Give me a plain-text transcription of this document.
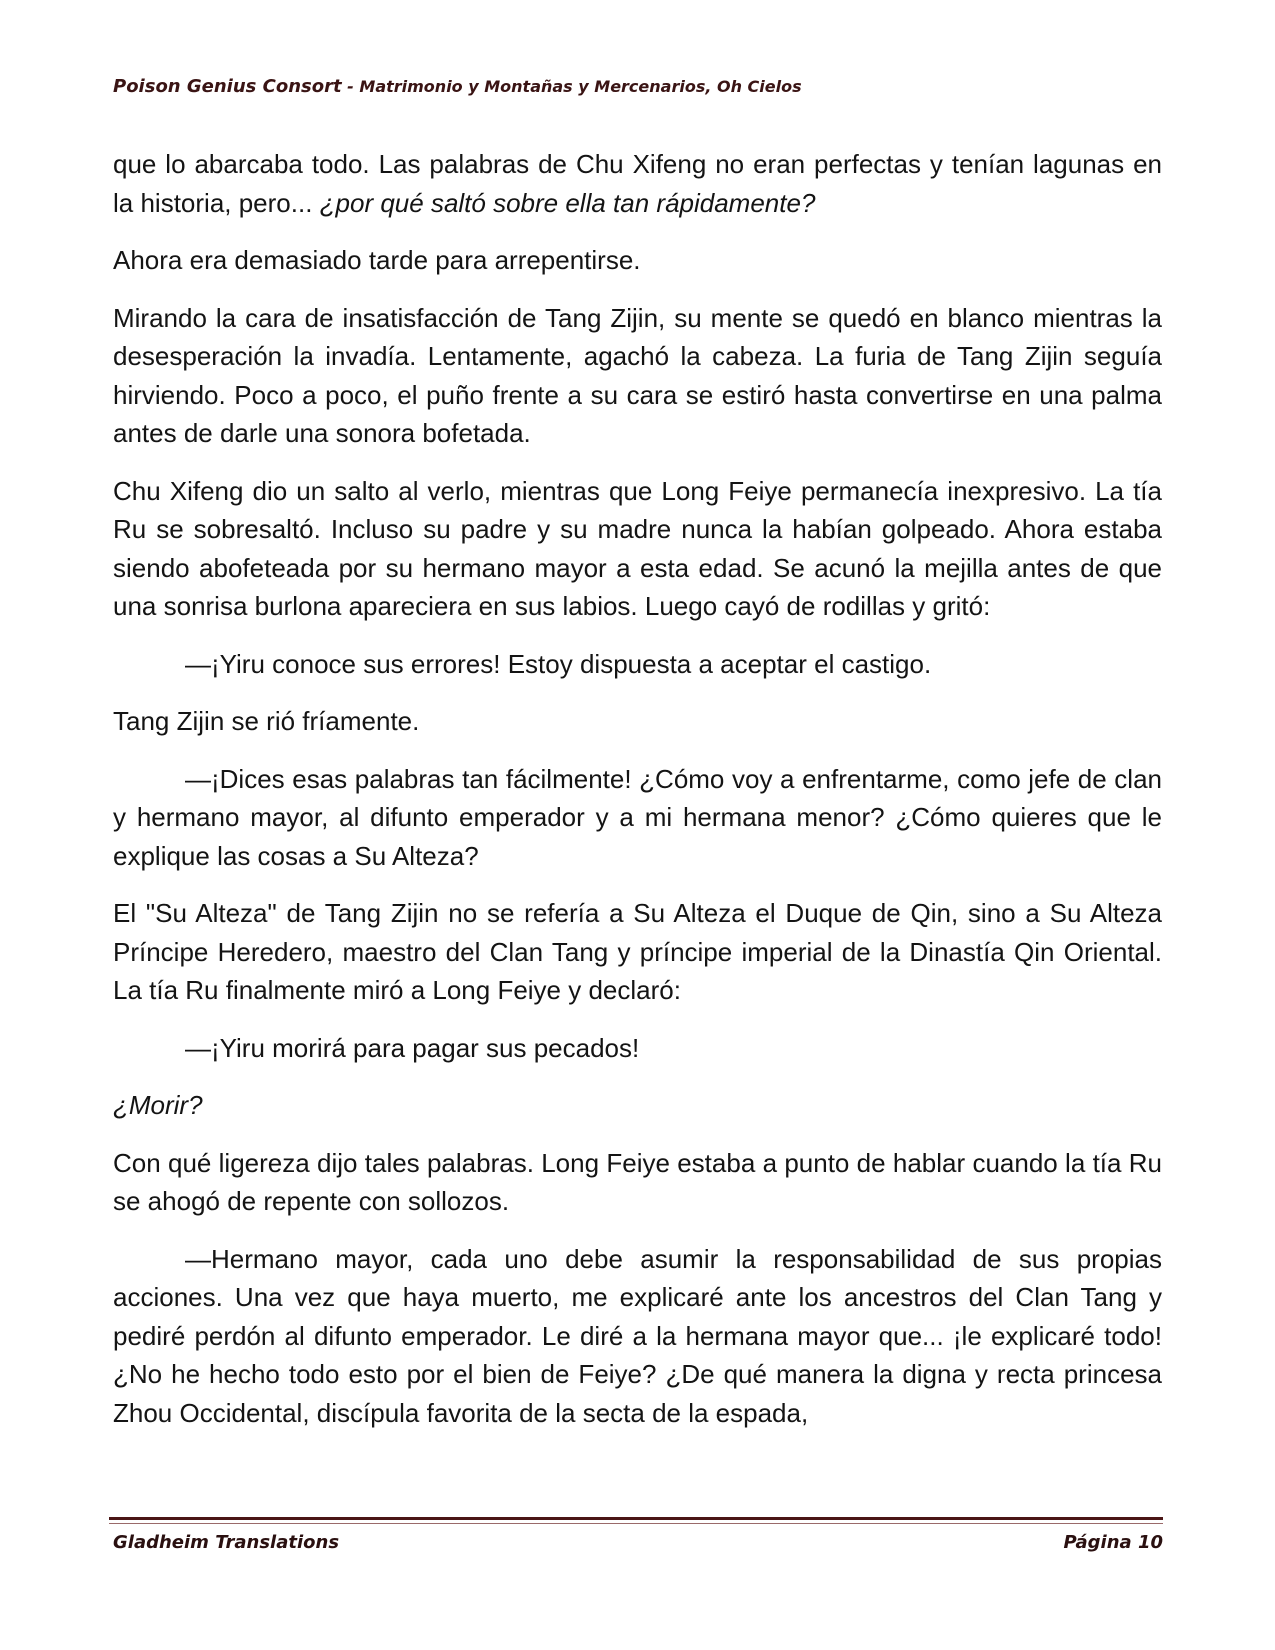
Poison Genius Consort - Matrimonio y Montañas y Mercenarios, Oh Cielos

que lo abarcaba todo. Las palabras de Chu Xifeng no eran perfectas y tenían lagunas en la historia, pero... ¿por qué saltó sobre ella tan rápidamente?

Ahora era demasiado tarde para arrepentirse.

Mirando la cara de insatisfacción de Tang Zijin, su mente se quedó en blanco mientras la desesperación la invadía. Lentamente, agachó la cabeza. La furia de Tang Zijin seguía hirviendo. Poco a poco, el puño frente a su cara se estiró hasta convertirse en una palma antes de darle una sonora bofetada.

Chu Xifeng dio un salto al verlo, mientras que Long Feiye permanecía inexpresivo. La tía Ru se sobresaltó. Incluso su padre y su madre nunca la habían golpeado. Ahora estaba siendo abofeteada por su hermano mayor a esta edad. Se acunó la mejilla antes de que una sonrisa burlona apareciera en sus labios. Luego cayó de rodillas y gritó:

—¡Yiru conoce sus errores! Estoy dispuesta a aceptar el castigo.

Tang Zijin se rió fríamente.

—¡Dices esas palabras tan fácilmente! ¿Cómo voy a enfrentarme, como jefe de clan y hermano mayor, al difunto emperador y a mi hermana menor? ¿Cómo quieres que le explique las cosas a Su Alteza?

El "Su Alteza" de Tang Zijin no se refería a Su Alteza el Duque de Qin, sino a Su Alteza Príncipe Heredero, maestro del Clan Tang y príncipe imperial de la Dinastía Qin Oriental. La tía Ru finalmente miró a Long Feiye y declaró:

—¡Yiru morirá para pagar sus pecados!

¿Morir?

Con qué ligereza dijo tales palabras. Long Feiye estaba a punto de hablar cuando la tía Ru se ahogó de repente con sollozos.

—Hermano mayor, cada uno debe asumir la responsabilidad de sus propias acciones. Una vez que haya muerto, me explicaré ante los ancestros del Clan Tang y pediré perdón al difunto emperador. Le diré a la hermana mayor que... ¡le explicaré todo! ¿No he hecho todo esto por el bien de Feiye? ¿De qué manera la digna y recta princesa Zhou Occidental, discípula favorita de la secta de la espada,

Gladheim Translations	Página 10
